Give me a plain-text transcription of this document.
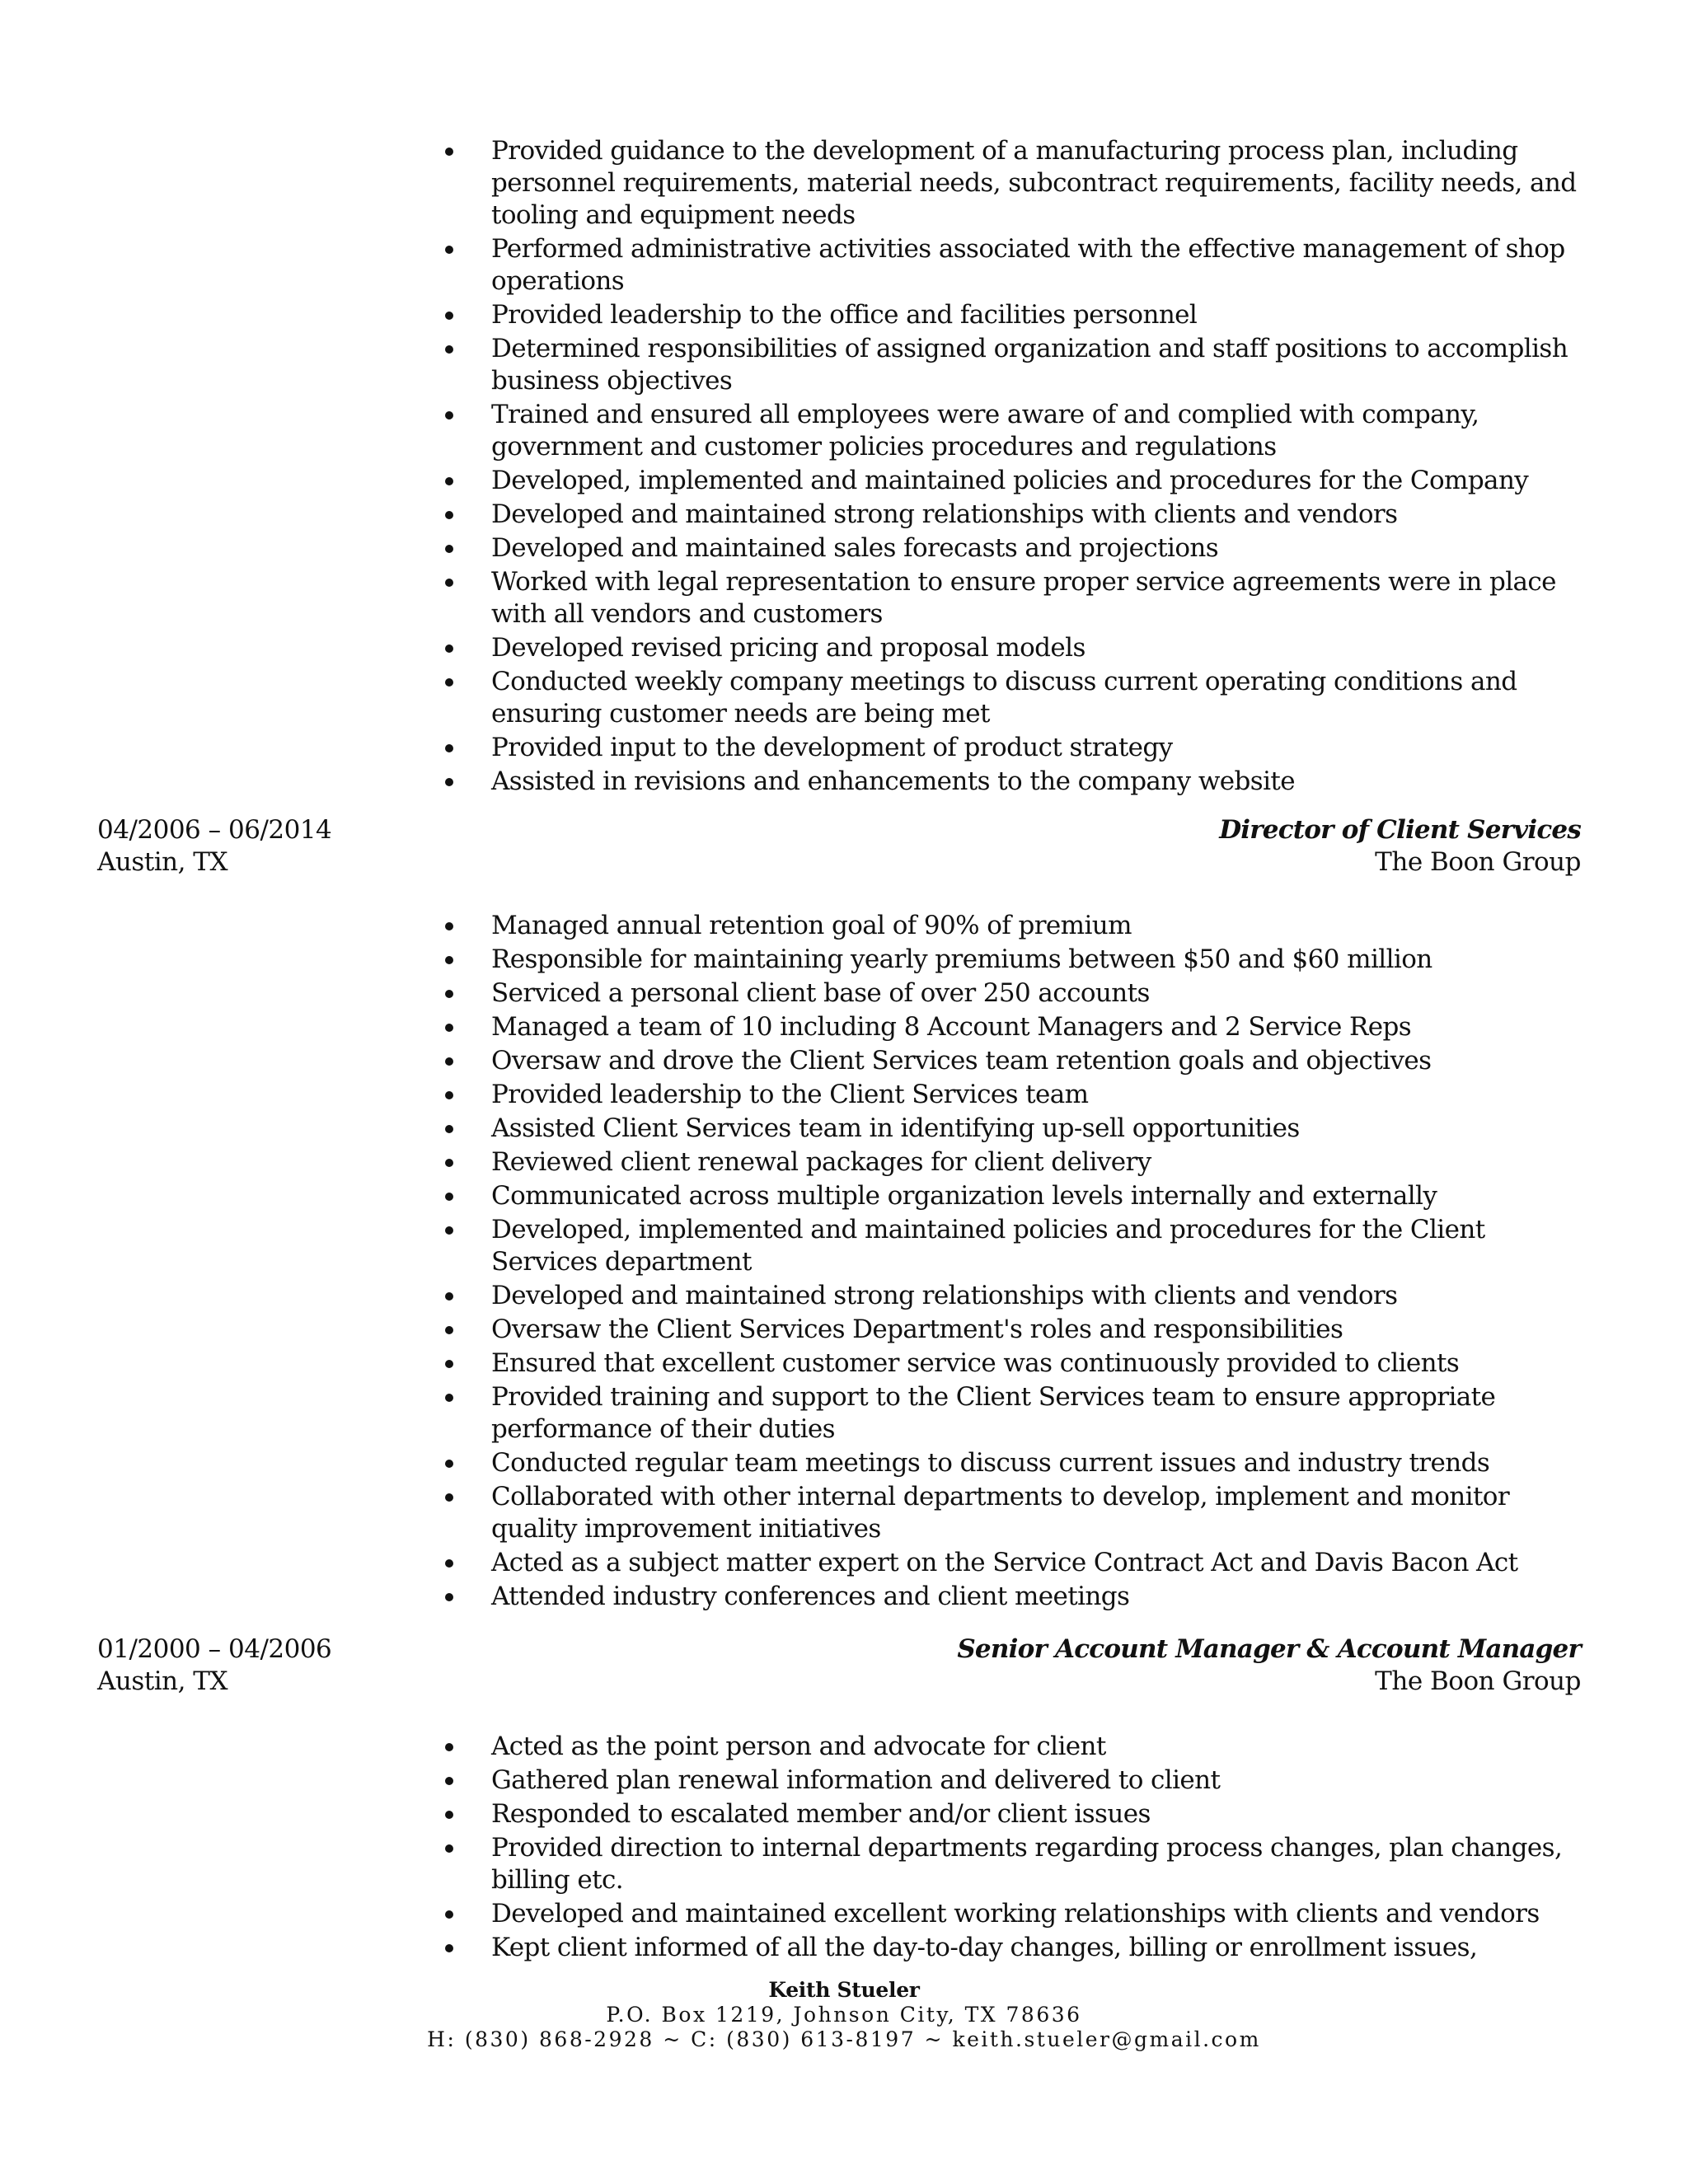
Provided guidance to the development of a manufacturing process plan, including personnel requirements, material needs, subcontract requirements, facility needs, and tooling and equipment needs
Performed administrative activities associated with the effective management of shop operations
Provided leadership to the office and facilities personnel
Determined responsibilities of assigned organization and staff positions to accomplish business objectives
Trained and ensured all employees were aware of and complied with company, government and customer policies procedures and regulations
Developed, implemented and maintained policies and procedures for the Company
Developed and maintained strong relationships with clients and vendors
Developed and maintained sales forecasts and projections
Worked with legal representation to ensure proper service agreements were in place with all vendors and customers
Developed revised pricing and proposal models
Conducted weekly company meetings to discuss current operating conditions and ensuring customer needs are being met
Provided input to the development of product strategy
Assisted in revisions and enhancements to the company website
04/2006 – 06/2014
Austin, TX
Director of Client Services
The Boon Group
Managed annual retention goal of 90% of premium
Responsible for maintaining yearly premiums between $50 and $60 million
Serviced a personal client base of over 250 accounts
Managed a team of 10 including 8 Account Managers and 2 Service Reps
Oversaw and drove the Client Services team retention goals and objectives
Provided leadership to the Client Services team
Assisted Client Services team in identifying up-sell opportunities
Reviewed client renewal packages for client delivery
Communicated across multiple organization levels internally and externally
Developed, implemented and maintained policies and procedures for the Client Services department
Developed and maintained strong relationships with clients and vendors
Oversaw the Client Services Department's roles and responsibilities
Ensured that excellent customer service was continuously provided to clients
Provided training and support to the Client Services team to ensure appropriate performance of their duties
Conducted regular team meetings to discuss current issues and industry trends
Collaborated with other internal departments to develop, implement and monitor quality improvement initiatives
Acted as a subject matter expert on the Service Contract Act and Davis Bacon Act
Attended industry conferences and client meetings
01/2000 – 04/2006
Austin, TX
Senior Account Manager & Account Manager
The Boon Group
Acted as the point person and advocate for client
Gathered plan renewal information and delivered to client
Responded to escalated member and/or client issues
Provided direction to internal departments regarding process changes, plan changes, billing etc.
Developed and maintained excellent working relationships with clients and vendors
Kept client informed of all the day-to-day changes, billing or enrollment issues,
Keith Stueler
P.O. Box 1219, Johnson City, TX 78636
H: (830) 868-2928 ~ C: (830) 613-8197 ~ keith.stueler@gmail.com
